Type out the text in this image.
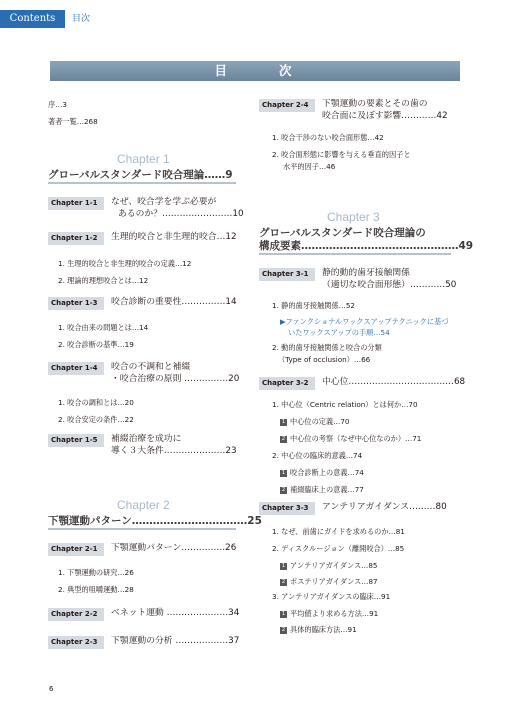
Contents	目次
目	次
序…3
著者一覧…268
Chapter 1
グローバルスタンダード咬合理論……9
Chapter 1-1	なぜ、咬合学を学ぶ必要が
あるのか？……………………10
Chapter 1-2	生理的咬合と非生理的咬合…12
1. 生理的咬合と非生理的咬合の定義…12
2. 理論的理想咬合とは…12
Chapter 1-3	咬合診断の重要性……………14
1. 咬合由来の問題とは…14
2. 咬合診断の基準…19
Chapter 1-4	咬合の不調和と補綴
・咬合治療の原則 ……………20
1. 咬合の調和とは…20
2. 咬合安定の条件…22
Chapter 1-5	補綴治療を成功に
導く３大条件…………………23
Chapter 2
下顎運動パターン……………………………25
Chapter 2-1	下顎運動パターン……………26
1. 下顎運動の研究…26
2. 典型的咀嚼運動…28
Chapter 2-2	ベネット運動 …………………34
Chapter 2-3	下顎運動の分析 ………………37
Chapter 2-4	下顎運動の要素とその歯の
咬合面に及ぼす影響…………42
1. 咬合干渉のない咬合面形態…42
2. 咬合面形態に影響を与える垂直的因子と
水平的因子…46
Chapter 3
グローバルスタンダード咬合理論の
構成要素………………………………………49
Chapter 3-1	静的動的歯牙接触関係
（適切な咬合面形態）…………50
1. 静的歯牙接触関係…52
▶ファンクショナルワックスアップテクニックに基づ
いたワックスアップの手順…54
2. 動的歯牙接触関係と咬合の分類
（Type of occlusion）…66
Chapter 3-2	中心位………………………………68
1. 中心位（Centric relation）とは何か…70
1 中心位の定義…70
2 中心位の考察（なぜ中心位なのか）…71
2. 中心位の臨床的意義…74
1 咬合診断上の意義…74
2 補綴臨床上の意義…77
Chapter 3-3	アンテリアガイダンス………80
1. なぜ、前歯にガイドを求めるのか…81
2. ディスクルージョン（離開咬合）…85
1 アンテリアガイダンス…85
2 ポステリアガイダンス…87
3. アンテリアガイダンスの臨床…91
1 平均値より求める方法…91
2 具体的臨床方法…91
6
